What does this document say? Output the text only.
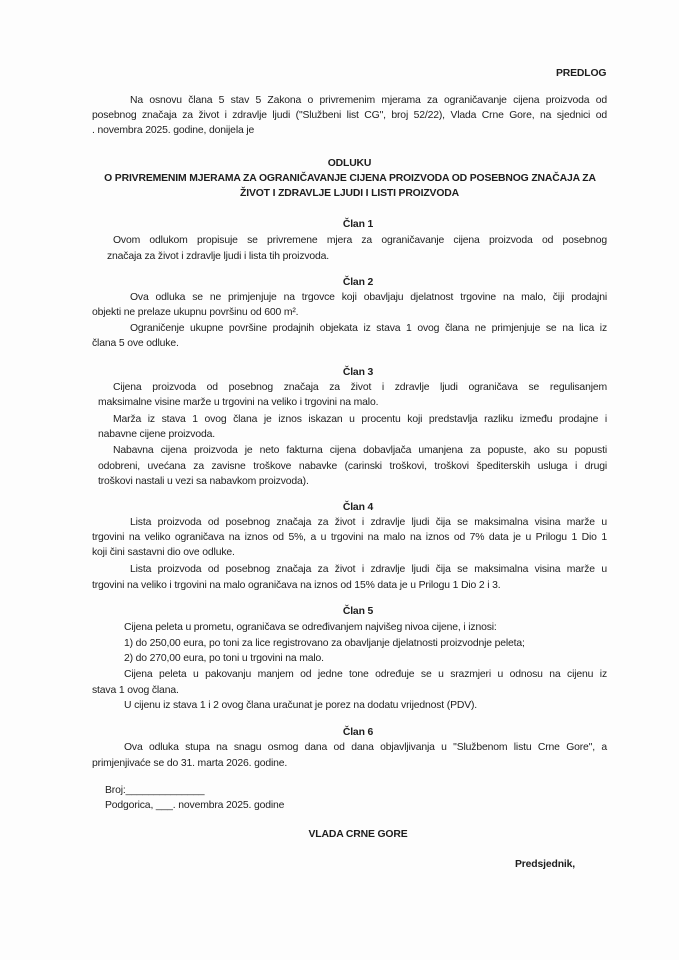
PREDLOG
Na osnovu člana 5 stav 5 Zakona o privremenim mjerama za ograničavanje cijena proizvoda od
posebnog značaja za život i zdravlje ljudi ("Službeni list CG", broj 52/22), Vlada Crne Gore, na sjednici od
. novembra 2025. godine, donijela je
ODLUKU
O PRIVREMENIM MJERAMA ZA OGRANIČAVANJE CIJENA PROIZVODA OD POSEBNOG ZNAČAJA ZA
ŽIVOT I ZDRAVLJE LJUDI I LISTI PROIZVODA
Član 1
Ovom odlukom propisuje se privremene mjera za ograničavanje cijena proizvoda od posebnog
značaja za život i zdravlje ljudi i lista tih proizvoda.
Član 2
Ova odluka se ne primjenjuje na trgovce koji obavljaju djelatnost trgovine na malo, čiji prodajni
objekti ne prelaze ukupnu površinu od 600 m².
Ograničenje ukupne površine prodajnih objekata iz stava 1 ovog člana ne primjenjuje se na lica iz
člana 5 ove odluke.
Član 3
Cijena proizvoda od posebnog značaja za život i zdravlje ljudi ograničava se regulisanjem
maksimalne visine marže u trgovini na veliko i trgovini na malo.
Marža iz stava 1 ovog člana je iznos iskazan u procentu koji predstavlja razliku između prodajne i
nabavne cijene proizvoda.
Nabavna cijena proizvoda je neto fakturna cijena dobavljača umanjena za popuste, ako su popusti
odobreni, uvećana za zavisne troškove nabavke (carinski troškovi, troškovi špediterskih usluga i drugi
troškovi nastali u vezi sa nabavkom proizvoda).
Član 4
Lista proizvoda od posebnog značaja za život i zdravlje ljudi čija se maksimalna visina marže u
trgovini na veliko ograničava na iznos od 5%, a u trgovini na malo na iznos od 7% data je u Prilogu 1 Dio 1
koji čini sastavni dio ove odluke.
Lista proizvoda od posebnog značaja za život i zdravlje ljudi čija se maksimalna visina marže u
trgovini na veliko i trgovini na malo ograničava na iznos od 15% data je u Prilogu 1 Dio 2 i 3.
Član 5
Cijena peleta u prometu, ograničava se određivanjem najvišeg nivoa cijene, i iznosi:
1) do 250,00 eura, po toni za lice registrovano za obavljanje djelatnosti proizvodnje peleta;
2) do 270,00 eura, po toni u trgovini na malo.
Cijena peleta u pakovanju manjem od jedne tone određuje se u srazmjeri u odnosu na cijenu iz
stava 1 ovog člana.
U cijenu iz stava 1 i 2 ovog člana uračunat je porez na dodatu vrijednost (PDV).
Član 6
Ova odluka stupa na snagu osmog dana od dana objavljivanja u "Službenom listu Crne Gore", a
primjenjivaće se do 31. marta 2026. godine.
Broj:______________
Podgorica, ___. novembra 2025. godine
VLADA CRNE GORE
Predsjednik,
